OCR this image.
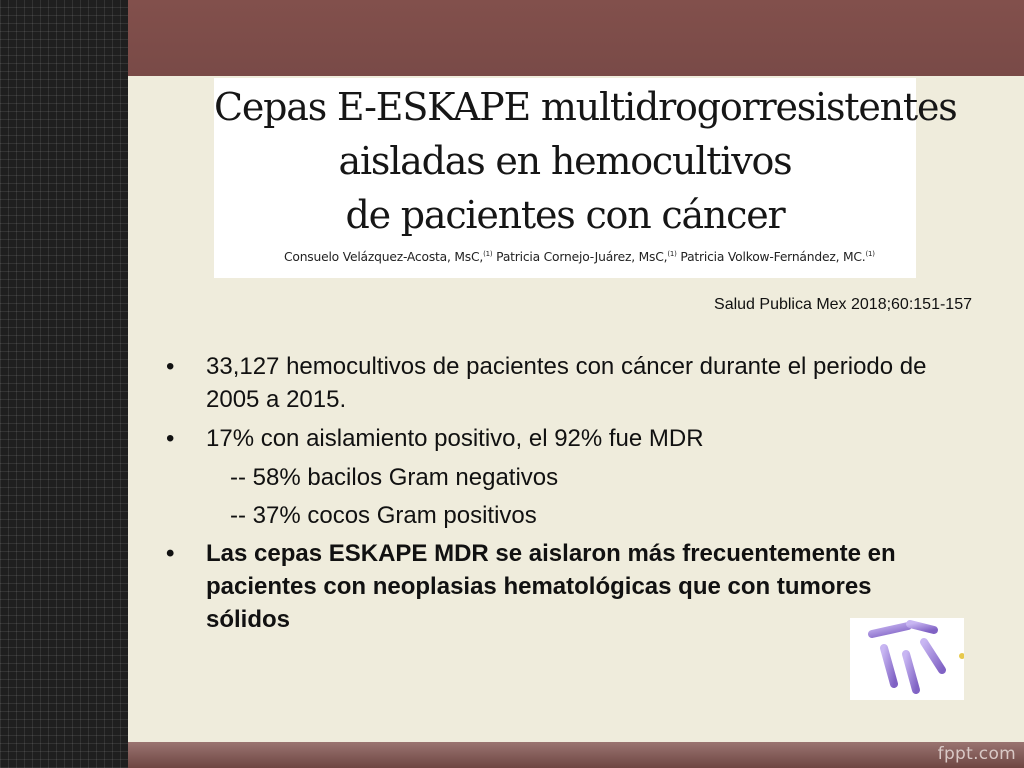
Cepas E-ESKAPE multidrogorresistentes
aisladas en hemocultivos
de pacientes con cáncer
Consuelo Velázquez-Acosta, MsC,$^{(1)}$ Patricia Cornejo-Juárez, MsC,$^{(1)}$ Patricia Volkow-Fernández, MC.$^{(1)}$
Salud Publica Mex 2018;60:151-157
• 33,127 hemocultivos de pacientes con cáncer durante el periodo de 2005 a 2015.
• 17% con aislamiento positivo, el 92% fue MDR
-- 58% bacilos Gram negativos
-- 37% cocos Gram positivos
• Las cepas ESKAPE MDR se aislaron más frecuentemente en pacientes con neoplasias hematológicas que con tumores sólidos
fppt.com
